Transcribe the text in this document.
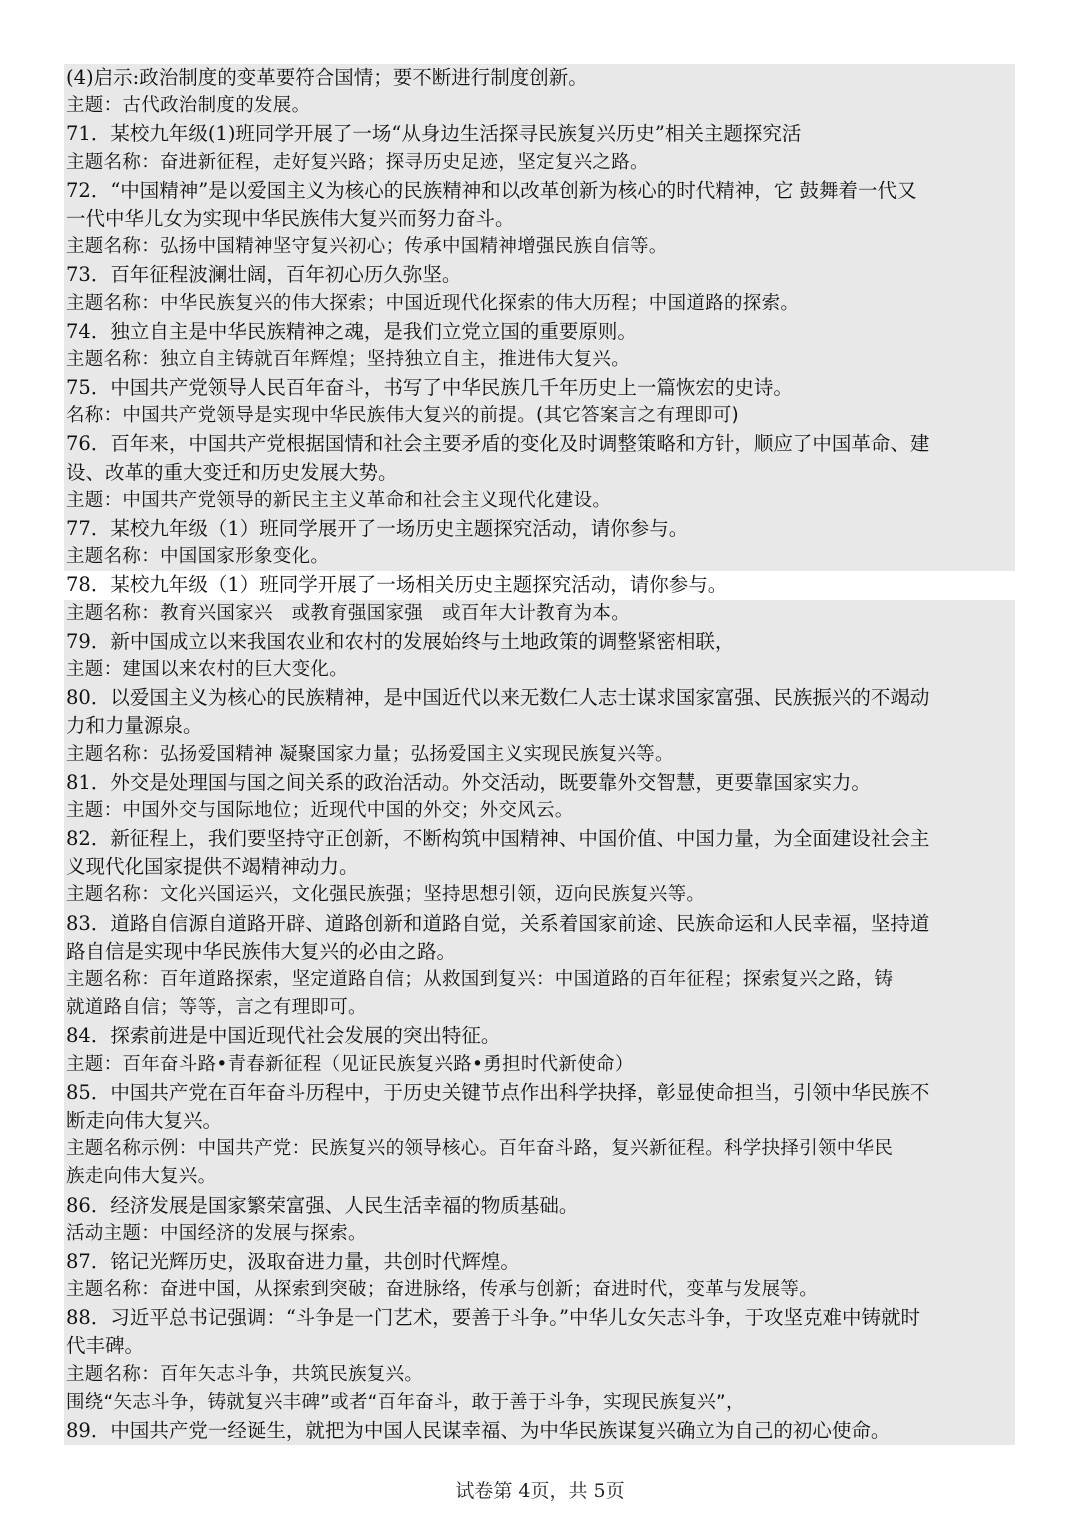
(4)启示:政治制度的变革要符合国情；要不断进行制度创新。
主题：古代政治制度的发展。
71．某校九年级(1)班同学开展了一场“从身边生活探寻民族复兴历史”相关主题探究活
主题名称：奋进新征程，走好复兴路；探寻历史足迹，坚定复兴之路。
72．“中国精神”是以爱国主义为核心的民族精神和以改革创新为核心的时代精神，它 鼓舞着一代又
一代中华儿女为实现中华民族伟大复兴而努力奋斗。
主题名称：弘扬中国精神坚守复兴初心；传承中国精神增强民族自信等。
73．百年征程波澜壮阔，百年初心历久弥坚。
主题名称：中华民族复兴的伟大探索；中国近现代化探索的伟大历程；中国道路的探索。
74．独立自主是中华民族精神之魂，是我们立党立国的重要原则。
主题名称：独立自主铸就百年辉煌；坚持独立自主，推进伟大复兴。
75．中国共产党领导人民百年奋斗，书写了中华民族几千年历史上一篇恢宏的史诗。
名称：中国共产党领导是实现中华民族伟大复兴的前提。(其它答案言之有理即可)
76．百年来，中国共产党根据国情和社会主要矛盾的变化及时调整策略和方针，顺应了中国革命、建
设、改革的重大变迁和历史发展大势。
主题：中国共产党领导的新民主主义革命和社会主义现代化建设。
77．某校九年级（1）班同学展开了一场历史主题探究活动，请你参与。
主题名称：中国国家形象变化。
78．某校九年级（1）班同学开展了一场相关历史主题探究活动，请你参与。
主题名称：教育兴国家兴　或教育强国家强　或百年大计教育为本。
79．新中国成立以来我国农业和农村的发展始终与土地政策的调整紧密相联，
主题：建国以来农村的巨大变化。
80．以爱国主义为核心的民族精神，是中国近代以来无数仁人志士谋求国家富强、民族振兴的不竭动
力和力量源泉。
主题名称：弘扬爱国精神 凝聚国家力量；弘扬爱国主义实现民族复兴等。
81．外交是处理国与国之间关系的政治活动。外交活动，既要靠外交智慧，更要靠国家实力。
主题：中国外交与国际地位；近现代中国的外交；外交风云。
82．新征程上，我们要坚持守正创新，不断构筑中国精神、中国价值、中国力量，为全面建设社会主
义现代化国家提供不竭精神动力。
主题名称：文化兴国运兴，文化强民族强；坚持思想引领，迈向民族复兴等。
83．道路自信源自道路开辟、道路创新和道路自觉，关系着国家前途、民族命运和人民幸福，坚持道
路自信是实现中华民族伟大复兴的必由之路。
主题名称：百年道路探索，坚定道路自信；从救国到复兴：中国道路的百年征程；探索复兴之路，铸
就道路自信；等等，言之有理即可。
84．探索前进是中国近现代社会发展的突出特征。
主题：百年奋斗路•青春新征程（见证民族复兴路•勇担时代新使命）
85．中国共产党在百年奋斗历程中，于历史关键节点作出科学抉择，彰显使命担当，引领中华民族不
断走向伟大复兴。
主题名称示例：中国共产党：民族复兴的领导核心。百年奋斗路，复兴新征程。科学抉择引领中华民
族走向伟大复兴。
86．经济发展是国家繁荣富强、人民生活幸福的物质基础。
活动主题：中国经济的发展与探索。
87．铭记光辉历史，汲取奋进力量，共创时代辉煌。
主题名称：奋进中国，从探索到突破；奋进脉络，传承与创新；奋进时代，变革与发展等。
88．习近平总书记强调：“斗争是一门艺术，要善于斗争。”中华儿女矢志斗争，于攻坚克难中铸就时
代丰碑。
主题名称：百年矢志斗争，共筑民族复兴。
围绕“矢志斗争，铸就复兴丰碑”或者“百年奋斗，敢于善于斗争，实现民族复兴”，
89．中国共产党一经诞生，就把为中国人民谋幸福、为中华民族谋复兴确立为自己的初心使命。
试卷第 4页，共 5页
